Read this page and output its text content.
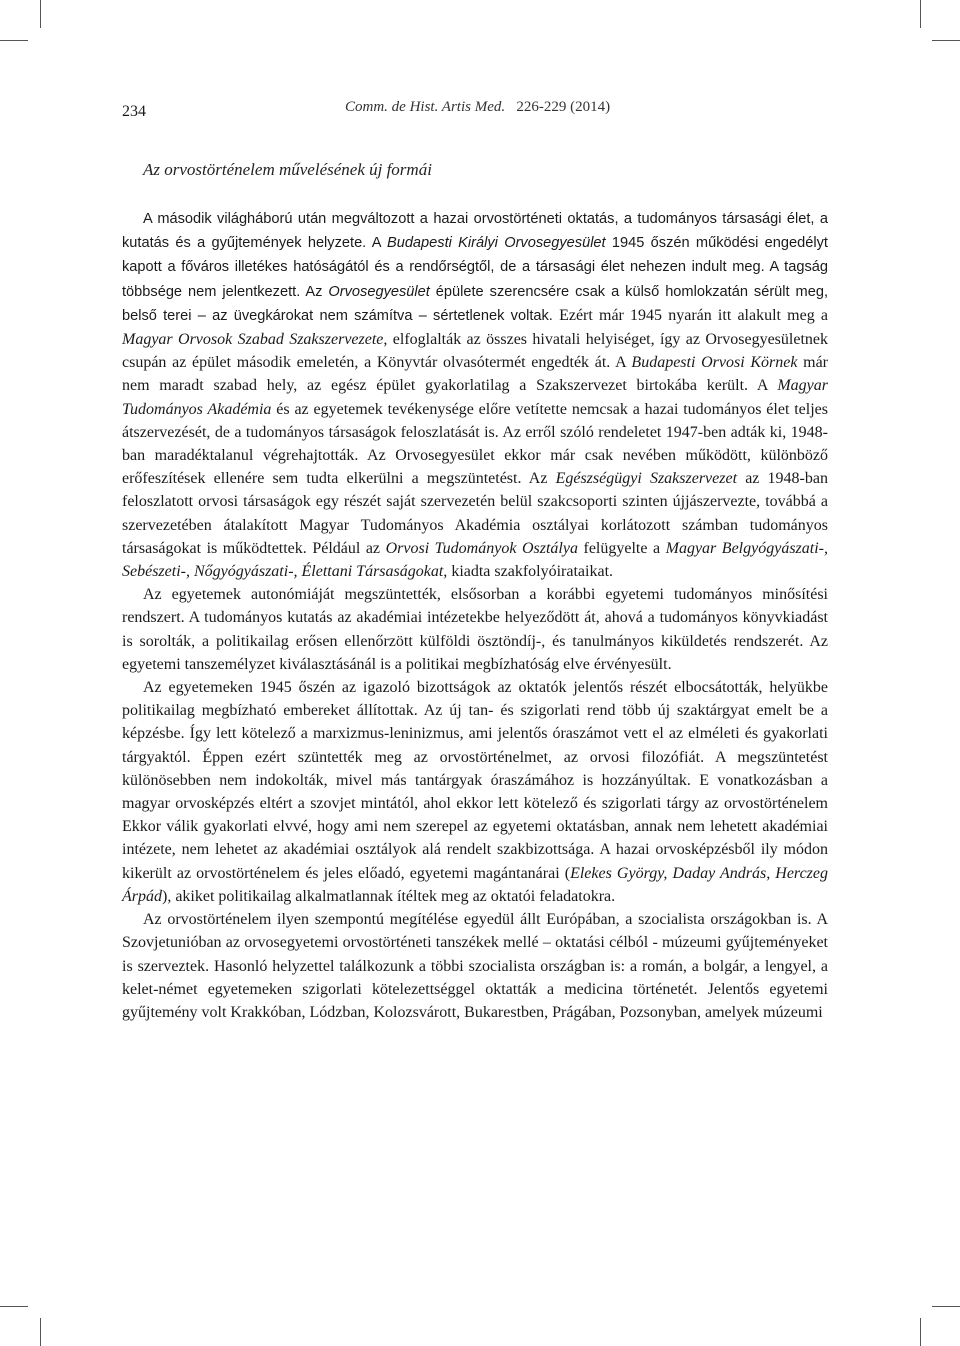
234	Comm. de Hist. Artis Med. 226-229 (2014)
Az orvostörténelem művelésének új formái

A második világháború után megváltozott a hazai orvostörténeti oktatás, a tudományos társasági élet, a kutatás és a gyűjtemények helyzete. A Budapesti Királyi Orvosegyesület 1945 őszén működési engedélyt kapott a főváros illetékes hatóságától és a rendőrségtől, de a társasági élet nehezen indult meg. A tagság többsége nem jelentkezett. Az Orvosegyesület épülete szerencsére csak a külső homlokzatán sérült meg, belső terei – az üvegkárokat nem számítva – sértetlenek voltak. Ezért már 1945 nyarán itt alakult meg a Magyar Orvosok Szabad Szakszervezete, elfoglalták az összes hivatali helyiséget, így az Orvosegyesületnek csupán az épület második emeletén, a Könyvtár olvasótermét engedték át. A Budapesti Orvosi Körnek már nem maradt szabad hely, az egész épület gyakorlatilag a Szakszervezet birtokába került. A Magyar Tudományos Akadémia és az egyetemek tevékenysége előre vetítette nemcsak a hazai tudományos élet teljes átszervezését, de a tudományos társaságok feloszlatását is. Az erről szóló rendeletet 1947-ben adták ki, 1948-ban maradéktalanul végrehajtották. Az Orvosegyesület ekkor már csak nevében működött, különböző erőfeszítések ellenére sem tudta elkerülni a megszüntetést. Az Egészségügyi Szakszervezet az 1948-ban feloszlatott orvosi társaságok egy részét saját szervezetén belül szakcsoporti szinten újjászervezte, továbbá a szervezetében átalakított Magyar Tudományos Akadémia osztályai korlátozott számban tudományos társaságokat is működtettek. Például az Orvosi Tudományok Osztálya felügyelte a Magyar Belgyógyászati-, Sebészeti-, Nőgyógyászati-, Élettani Társaságokat, kiadta szakfolyóirataikat.

Az egyetemek autonómiáját megszüntették, elsősorban a korábbi egyetemi tudományos minősítési rendszert. A tudományos kutatás az akadémiai intézetekbe helyeződött át, ahová a tudományos könyvkiadást is sorolták, a politikailag erősen ellenőrzött külföldi ösztöndíj-, és tanulmányos kiküldetés rendszerét. Az egyetemi tanszemélyzet kiválasztásánál is a politikai megbízhatóság elve érvényesült.

Az egyetemeken 1945 őszén az igazoló bizottságok az oktatók jelentős részét elbocsátották, helyükbe politikailag megbízható embereket állítottak. Az új tan- és szigorlati rend több új szaktárgyat emelt be a képzésbe. Így lett kötelező a marxizmus-leninizmus, ami jelentős óraszámot vett el az elméleti és gyakorlati tárgyaktól. Éppen ezért szüntették meg az orvostörténelmet, az orvosi filozófiát. A megszüntetést különösebben nem indokolták, mivel más tantárgyak óraszámához is hozzányúltak. E vonatkozásban a magyar orvosképzés eltért a szovjet mintától, ahol ekkor lett kötelező és szigorlati tárgy az orvostörténelem Ekkor válik gyakorlati elvvé, hogy ami nem szerepel az egyetemi oktatásban, annak nem lehetett akadémiai intézete, nem lehetet az akadémiai osztályok alá rendelt szakbizottsága. A hazai orvosképzésből ily módon kikerült az orvostörténelem és jeles előadó, egyetemi magántanárai (Elekes György, Daday András, Herczeg Árpád), akiket politikailag alkalmatlannak ítéltek meg az oktatói feladatokra.

Az orvostörténelem ilyen szempontú megítélése egyedül állt Európában, a szocialista országokban is. A Szovjetunióban az orvosegyetemi orvostörténeti tanszékek mellé – oktatási célból - múzeumi gyűjteményeket is szerveztek. Hasonló helyzettel találkozunk a többi szocialista országban is: a román, a bolgár, a lengyel, a kelet-német egyetemeken szigorlati kötelezettséggel oktatták a medicina történetét. Jelentős egyetemi gyűjtemény volt Krakkóban, Lódzban, Kolozsvárott, Bukarestben, Prágában, Pozsonyban, amelyek múzeumi
